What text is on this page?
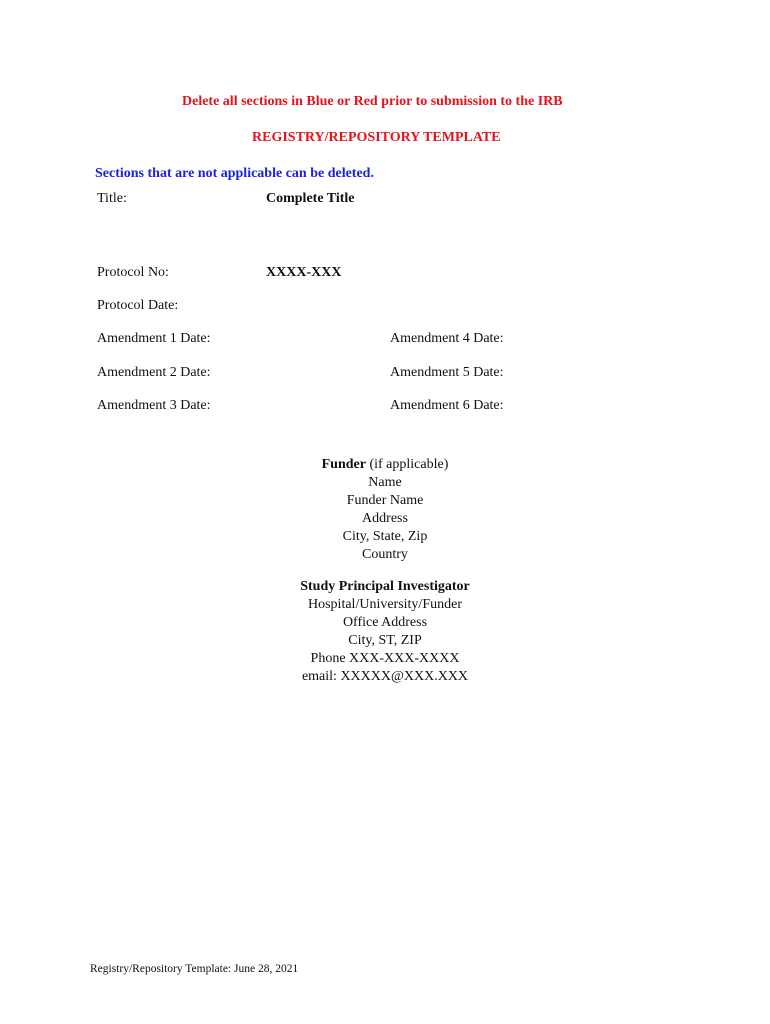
Delete all sections in Blue or Red prior to submission to the IRB
REGISTRY/REPOSITORY TEMPLATE
Sections that are not applicable can be deleted.
Title:	Complete Title
Protocol No:	XXXX-XXX
Protocol Date:
Amendment 1 Date:	Amendment 4 Date:
Amendment 2 Date:	Amendment 5 Date:
Amendment 3 Date:	Amendment 6 Date:
Funder (if applicable)
Name
Funder Name
Address
City, State, Zip
Country
Study Principal Investigator
Hospital/University/Funder
Office Address
City, ST, ZIP
Phone XXX-XXX-XXXX
email: XXXXX@XXX.XXX
Registry/Repository Template: June 28, 2021
